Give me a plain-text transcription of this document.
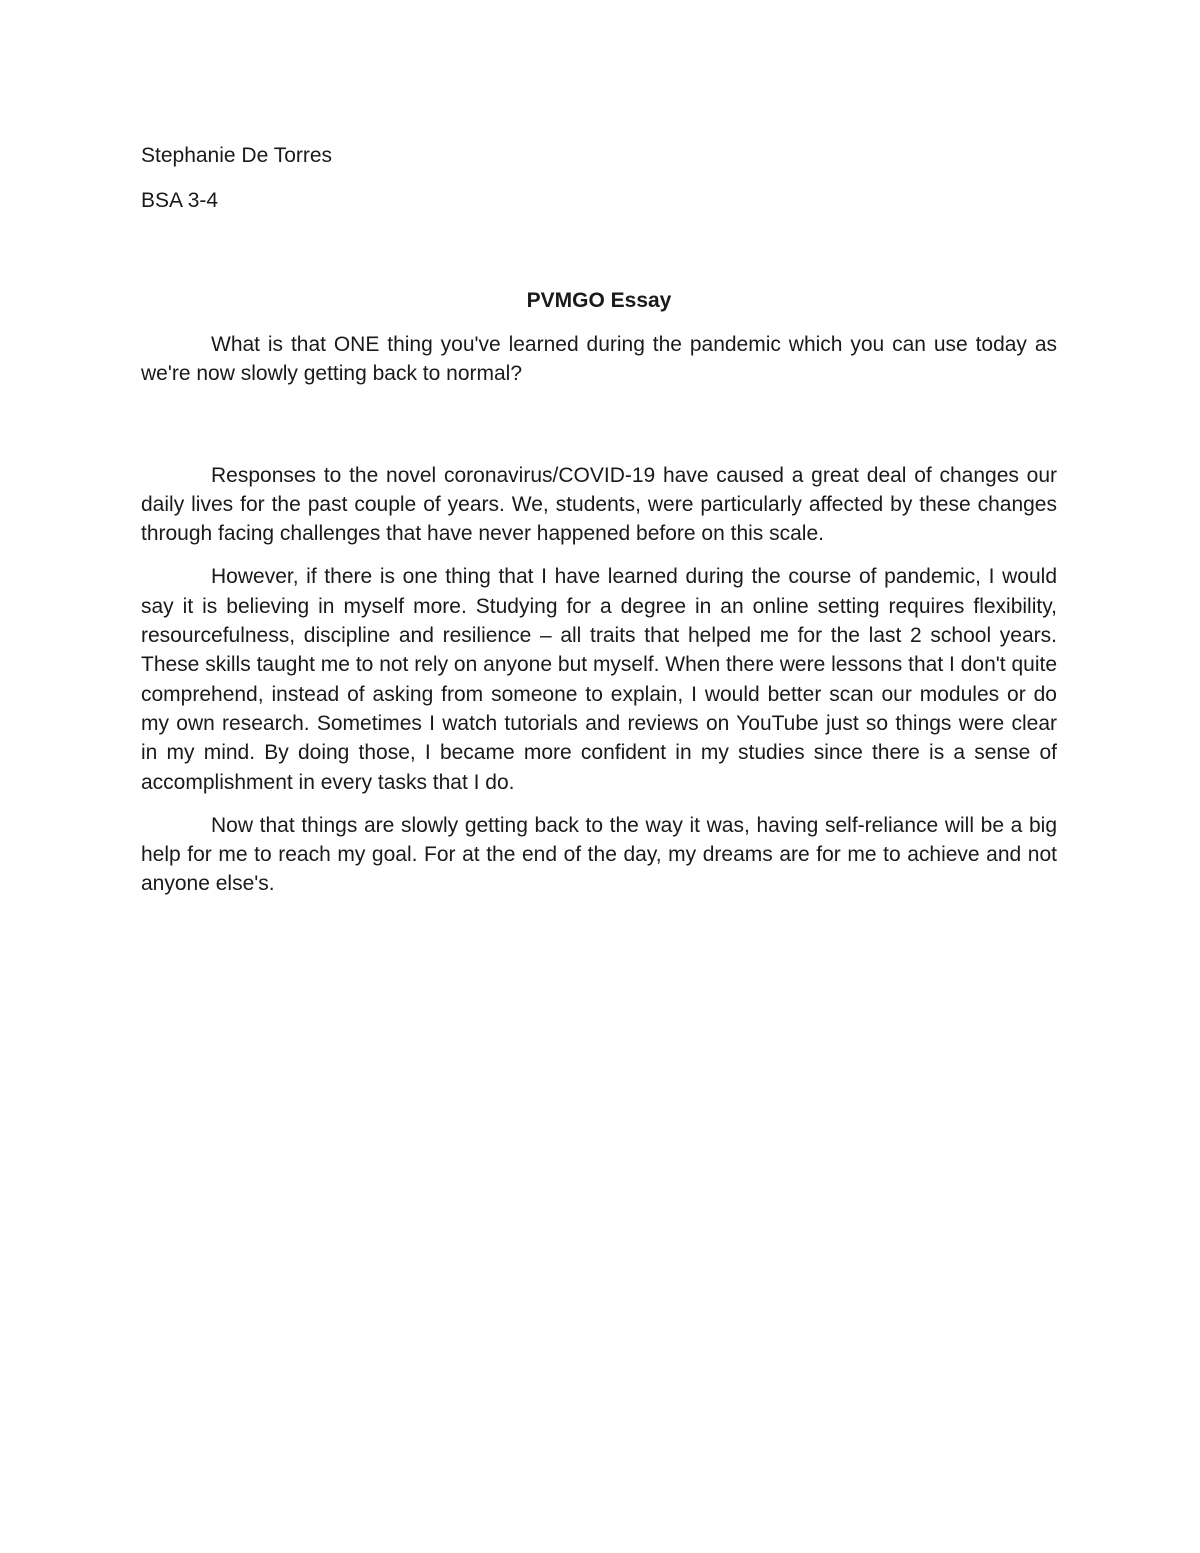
Stephanie De Torres

BSA 3-4

PVMGO Essay

What is that ONE thing you've learned during the pandemic which you can use today as we're now slowly getting back to normal?

Responses to the novel coronavirus/COVID-19 have caused a great deal of changes our daily lives for the past couple of years. We, students, were particularly affected by these changes through facing challenges that have never happened before on this scale.

However, if there is one thing that I have learned during the course of pandemic, I would say it is believing in myself more. Studying for a degree in an online setting requires flexibility, resourcefulness, discipline and resilience – all traits that helped me for the last 2 school years. These skills taught me to not rely on anyone but myself. When there were lessons that I don't quite comprehend, instead of asking from someone to explain, I would better scan our modules or do my own research. Sometimes I watch tutorials and reviews on YouTube just so things were clear in my mind. By doing those, I became more confident in my studies since there is a sense of accomplishment in every tasks that I do.

Now that things are slowly getting back to the way it was, having self-reliance will be a big help for me to reach my goal. For at the end of the day, my dreams are for me to achieve and not anyone else's.
